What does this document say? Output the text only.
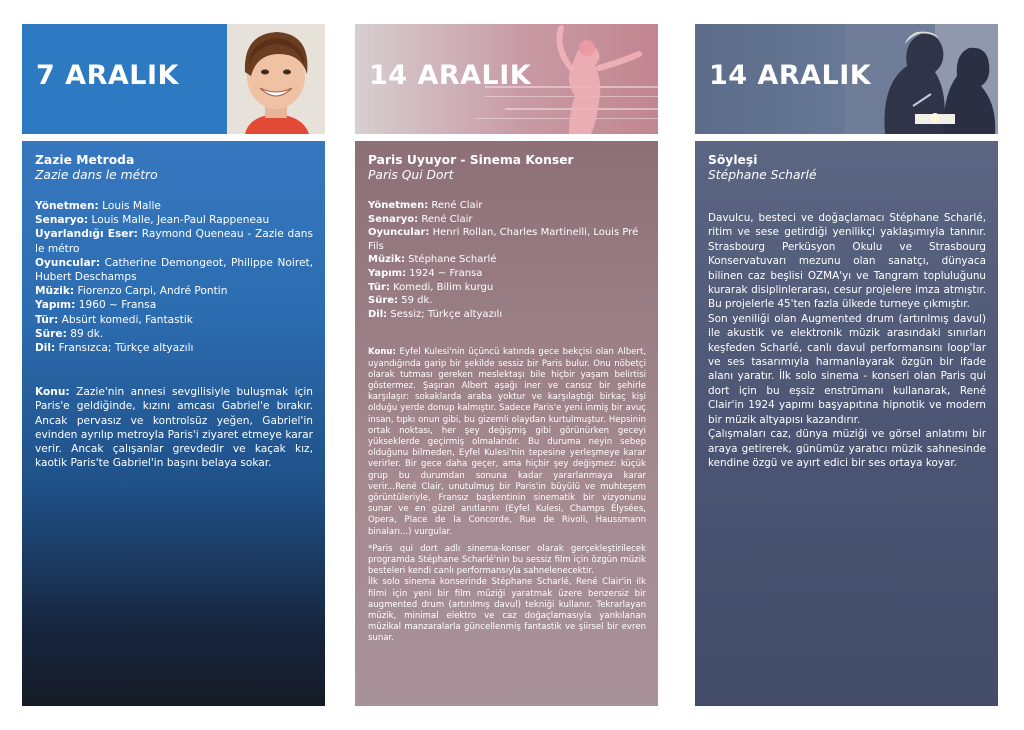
7 ARALIK
Zazie Metroda
Zazie dans le métro

Yönetmen: Louis Malle

Senaryo: Louis Malle, Jean-Paul Rappeneau

Uyarlandığı Eser: Raymond Queneau - Zazie dans le métro

Oyuncular: Catherine Demongeot, Philippe Noiret, Hubert Deschamps

Müzik: Fiorenzo Carpi, André Pontin

Yapım: 1960 ~ Fransa

Tür: Absürt komedi, Fantastik

Süre: 89 dk.

Dil: Fransızca; Türkçe altyazılı

Konu: Zazie'nin annesi sevgilisiyle buluşmak için Paris'e geldiğinde, kızını amcası Gabriel'e bırakır. Ancak pervasız ve kontrolsüz yeğen, Gabriel'in evinden ayrılıp metroyla Paris'i ziyaret etmeye karar verir. Ancak çalışanlar grevdedir ve kaçak kız, kaotik Paris'te Gabriel'in başını belaya sokar.

14 ARALIK
Paris Uyuyor - Sinema Konser
Paris Qui Dort

Yönetmen: René Clair

Senaryo: René Clair

Oyuncular: Henri Rollan, Charles Martinelli, Louis Pré Fils

Müzik: Stéphane Scharlé

Yapım: 1924 ~ Fransa

Tür: Komedi, Bilim kurgu

Süre: 59 dk.

Dil: Sessiz; Türkçe altyazılı

Konu: Eyfel Kulesi'nin üçüncü katında gece bekçisi olan Albert, uyandığında garip bir şekilde sessiz bir Paris bulur. Onu nöbetçi olarak tutması gereken meslektaşı bile hiçbir yaşam belirtisi göstermez. Şaşıran Albert aşağı iner ve cansız bir şehirle karşılaşır: sokaklarda araba yoktur ve karşılaştığı birkaç kişi olduğu yerde donup kalmıştır. Sadece Paris'e yeni inmiş bir avuç insan, tıpkı onun gibi, bu gizemli olaydan kurtulmuştur. Hepsinin ortak noktası, her şey değişmiş gibi görünürken geceyi yükseklerde geçirmiş olmalarıdır. Bu duruma neyin sebep olduğunu bilmeden, Eyfel Kulesi'nin tepesine yerleşmeye karar verirler. Bir gece daha geçer, ama hiçbir şey değişmez: küçük grup bu durumdan sonuna kadar yararlanmaya karar verir...René Clair, unutulmuş bir Paris'in büyülü ve muhteşem görüntüleriyle, Fransız başkentinin sinematik bir vizyonunu sunar ve en güzel anıtlarını (Eyfel Kulesi, Champs Élysées, Opera, Place de la Concorde, Rue de Rivoli, Haussmann binaları...) vurgular.

*Paris qui dort adlı sinema-konser olarak gerçekleştirilecek programda Stéphane Scharlé'nin bu sessiz film için özgün müzik besteleri kendi canlı performansıyla sahnelenecektir.

İlk solo sinema konserinde Stéphane Scharlé, René Clair'in ilk filmi için yeni bir film müziği yaratmak üzere benzersiz bir augmented drum (artırılmış davul) tekniği kullanır. Tekrarlayan müzik, minimal elektro ve caz doğaçlamasıyla yankılanan müzikal manzaralarla güncellenmiş fantastik ve şiirsel bir evren sunar.

14 ARALIK
Söyleşi
Stéphane Scharlé

Davulcu, besteci ve doğaçlamacı Stéphane Scharlé, ritim ve sese getirdiği yenilikçi yaklaşımıyla tanınır. Strasbourg Perküsyon Okulu ve Strasbourg Konservatuvarı mezunu olan sanatçı, dünyaca bilinen caz beşlisi OZMA'yı ve Tangram topluluğunu kurarak disiplinlerarası, cesur projelere imza atmıştır. Bu projelerle 45'ten fazla ülkede turneye çıkmıştır.

Son yeniliği olan Augmented drum (artırılmış davul) ile akustik ve elektronik müzik arasındaki sınırları keşfeden Scharlé, canlı davul performansını loop'lar ve ses tasarımıyla harmanlayarak özgün bir ifade alanı yaratır. İlk solo sinema - konseri olan Paris qui dort için bu eşsiz enstrümanı kullanarak, René Clair'in 1924 yapımı başyapıtına hipnotik ve modern bir müzik altyapısı kazandırır.

Çalışmaları caz, dünya müziği ve görsel anlatımı bir araya getirerek, günümüz yaratıcı müzik sahnesinde kendine özgü ve ayırt edici bir ses ortaya koyar.
